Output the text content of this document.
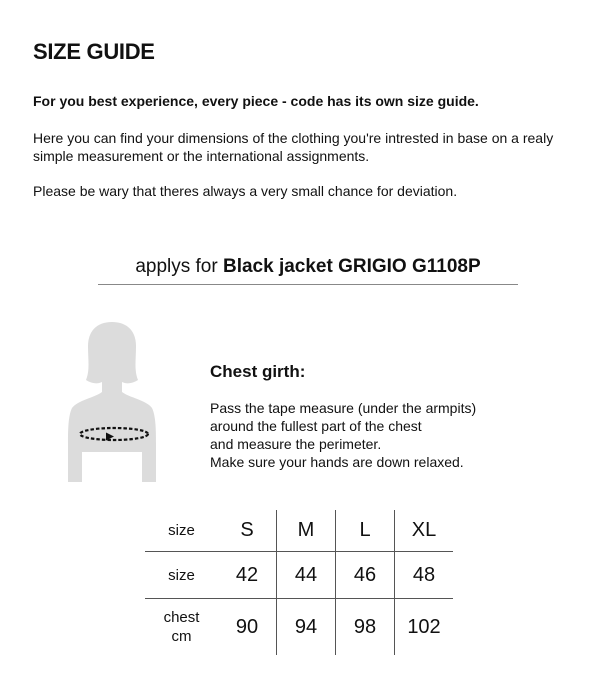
SIZE GUIDE

For you best experience, every piece - code has its own size guide.

Here you can find your dimensions of the clothing you're intrested in base on a realy simple measurement or the international assignments.

Please be wary that theres always a very small chance for deviation.

applys for Black jacket GRIGIO G1108P

Chest girth:

Pass the tape measure (under the armpits)
around the fullest part of the chest
and measure the perimeter.
Make sure your hands are down relaxed.

size	S	M	L	XL
size	42	44	46	48
chest
cm	90	94	98	102
